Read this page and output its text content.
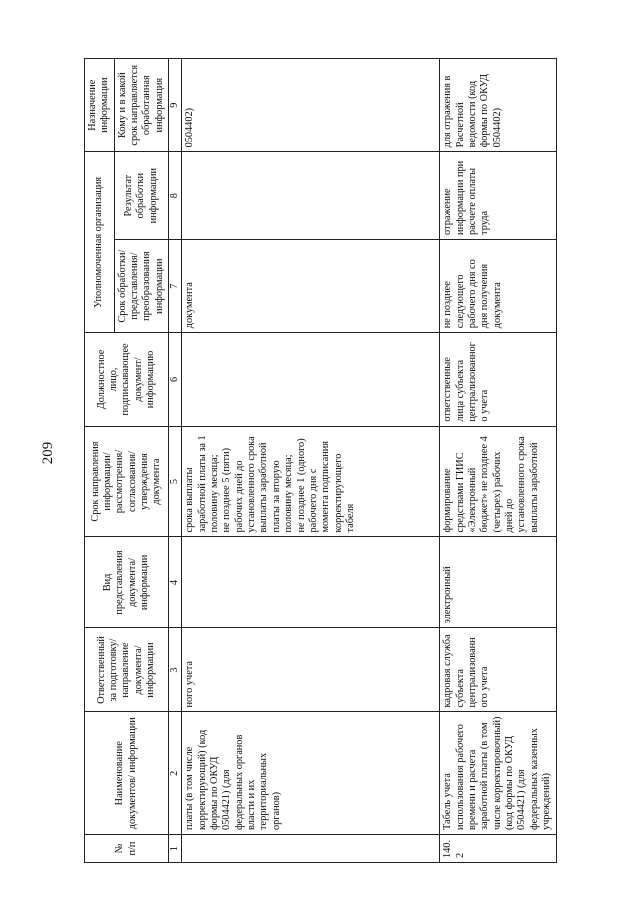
209
№ п/п	Наименование документов/ информации	Ответственный за подготовку/ направление документа/ информации	Вид представления документа/ информации	Срок направления информации/ рассмотрения/ согласования/ утверждения документа	Должностное лицо, подписывающее документ/ информацию	Уполномоченная организация		Назначение информации
						Срок обработки/ представления/ преобразования информации	Результат обработки информации	Кому и в какой срок направляется обработанная информация
1	2	3	4	5	6	7	8	9
	платы (в том числе корректирующий) (код формы по ОКУД 0504421) (для федеральных органов власти и их территориальных органов)	ного учета		срока выплаты заработной платы за 1 половину месяца;
не позднее 5 (пяти) рабочих дней до установленного срока выплаты заработной платы за вторую половину месяца;
не позднее 1 (одного) рабочего дня с момента подписания корректирующего табеля		документа		0504402)
140.2	Табель учета использования рабочего времени и расчета заработной платы (в том числе корректировочный) (код формы по ОКУД 0504421) (для федеральных казенных учреждений)	кадровая служба субъекта централизованного учета	электронный	формирование средствами ГИИС «Электронный бюджет» не позднее 4 (четырех) рабочих дней до установленного срока выплаты заработной	ответственные лица субъекта централизованного учета	не позднее следующего рабочего дня со дня получения документа	отражение информации при расчете оплаты труда	для отражения в Расчетной ведомости (код формы по ОКУД 0504402)
